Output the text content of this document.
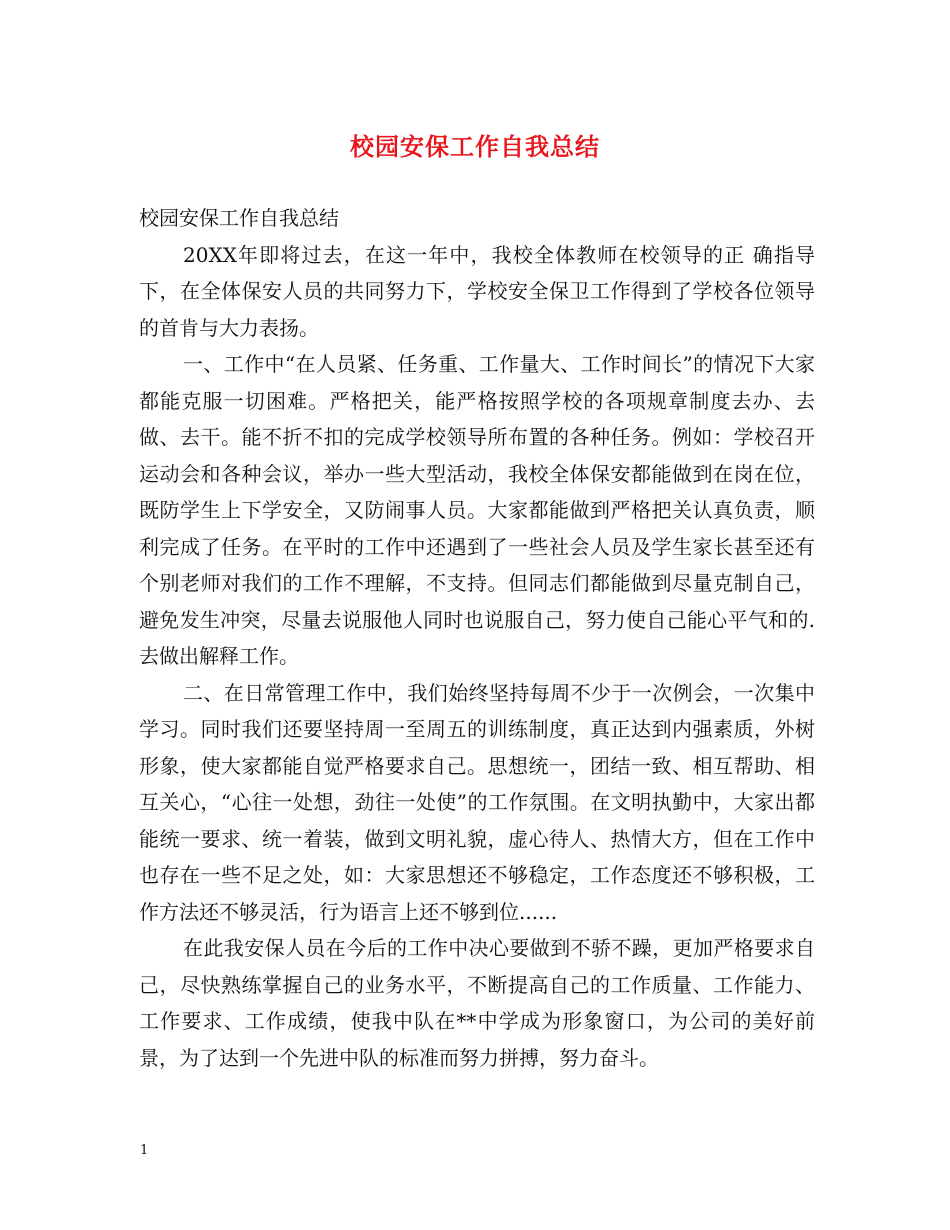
校园安保工作自我总结

校园安保工作自我总结

20XX年即将过去，在这一年中，我校全体教师在校领导的正 确指导下，在全体保安人员的共同努力下，学校安全保卫工作得到了学校各位领导的首肯与大力表扬。

一、工作中“在人员紧、任务重、工作量大、工作时间长”的情况下大家都能克服一切困难。严格把关，能严格按照学校的各项规章制度去办、去做、去干。能不折不扣的完成学校领导所布置的各种任务。例如：学校召开运动会和各种会议，举办一些大型活动，我校全体保安都能做到在岗在位，既防学生上下学安全，又防闹事人员。大家都能做到严格把关认真负责，顺利完成了任务。在平时的工作中还遇到了一些社会人员及学生家长甚至还有个别老师对我们的工作不理解，不支持。但同志们都能做到尽量克制自己，避免发生冲突，尽量去说服他人同时也说服自己，努力使自己能心平气和的.去做出解释工作。

二、在日常管理工作中，我们始终坚持每周不少于一次例会，一次集中学习。同时我们还要坚持周一至周五的训练制度，真正达到内强素质，外树形象，使大家都能自觉严格要求自己。思想统一，团结一致、相互帮助、相互关心，“心往一处想，劲往一处使”的工作氛围。在文明执勤中，大家出都能统一要求、统一着装，做到文明礼貌，虚心待人、热情大方，但在工作中也存在一些不足之处，如：大家思想还不够稳定，工作态度还不够积极，工作方法还不够灵活，行为语言上还不够到位......

在此我安保人员在今后的工作中决心要做到不骄不躁，更加严格要求自己，尽快熟练掌握自己的业务水平，不断提高自己的工作质量、工作能力、工作要求、工作成绩，使我中队在**中学成为形象窗口，为公司的美好前景，为了达到一个先进中队的标准而努力拼搏，努力奋斗。

1
